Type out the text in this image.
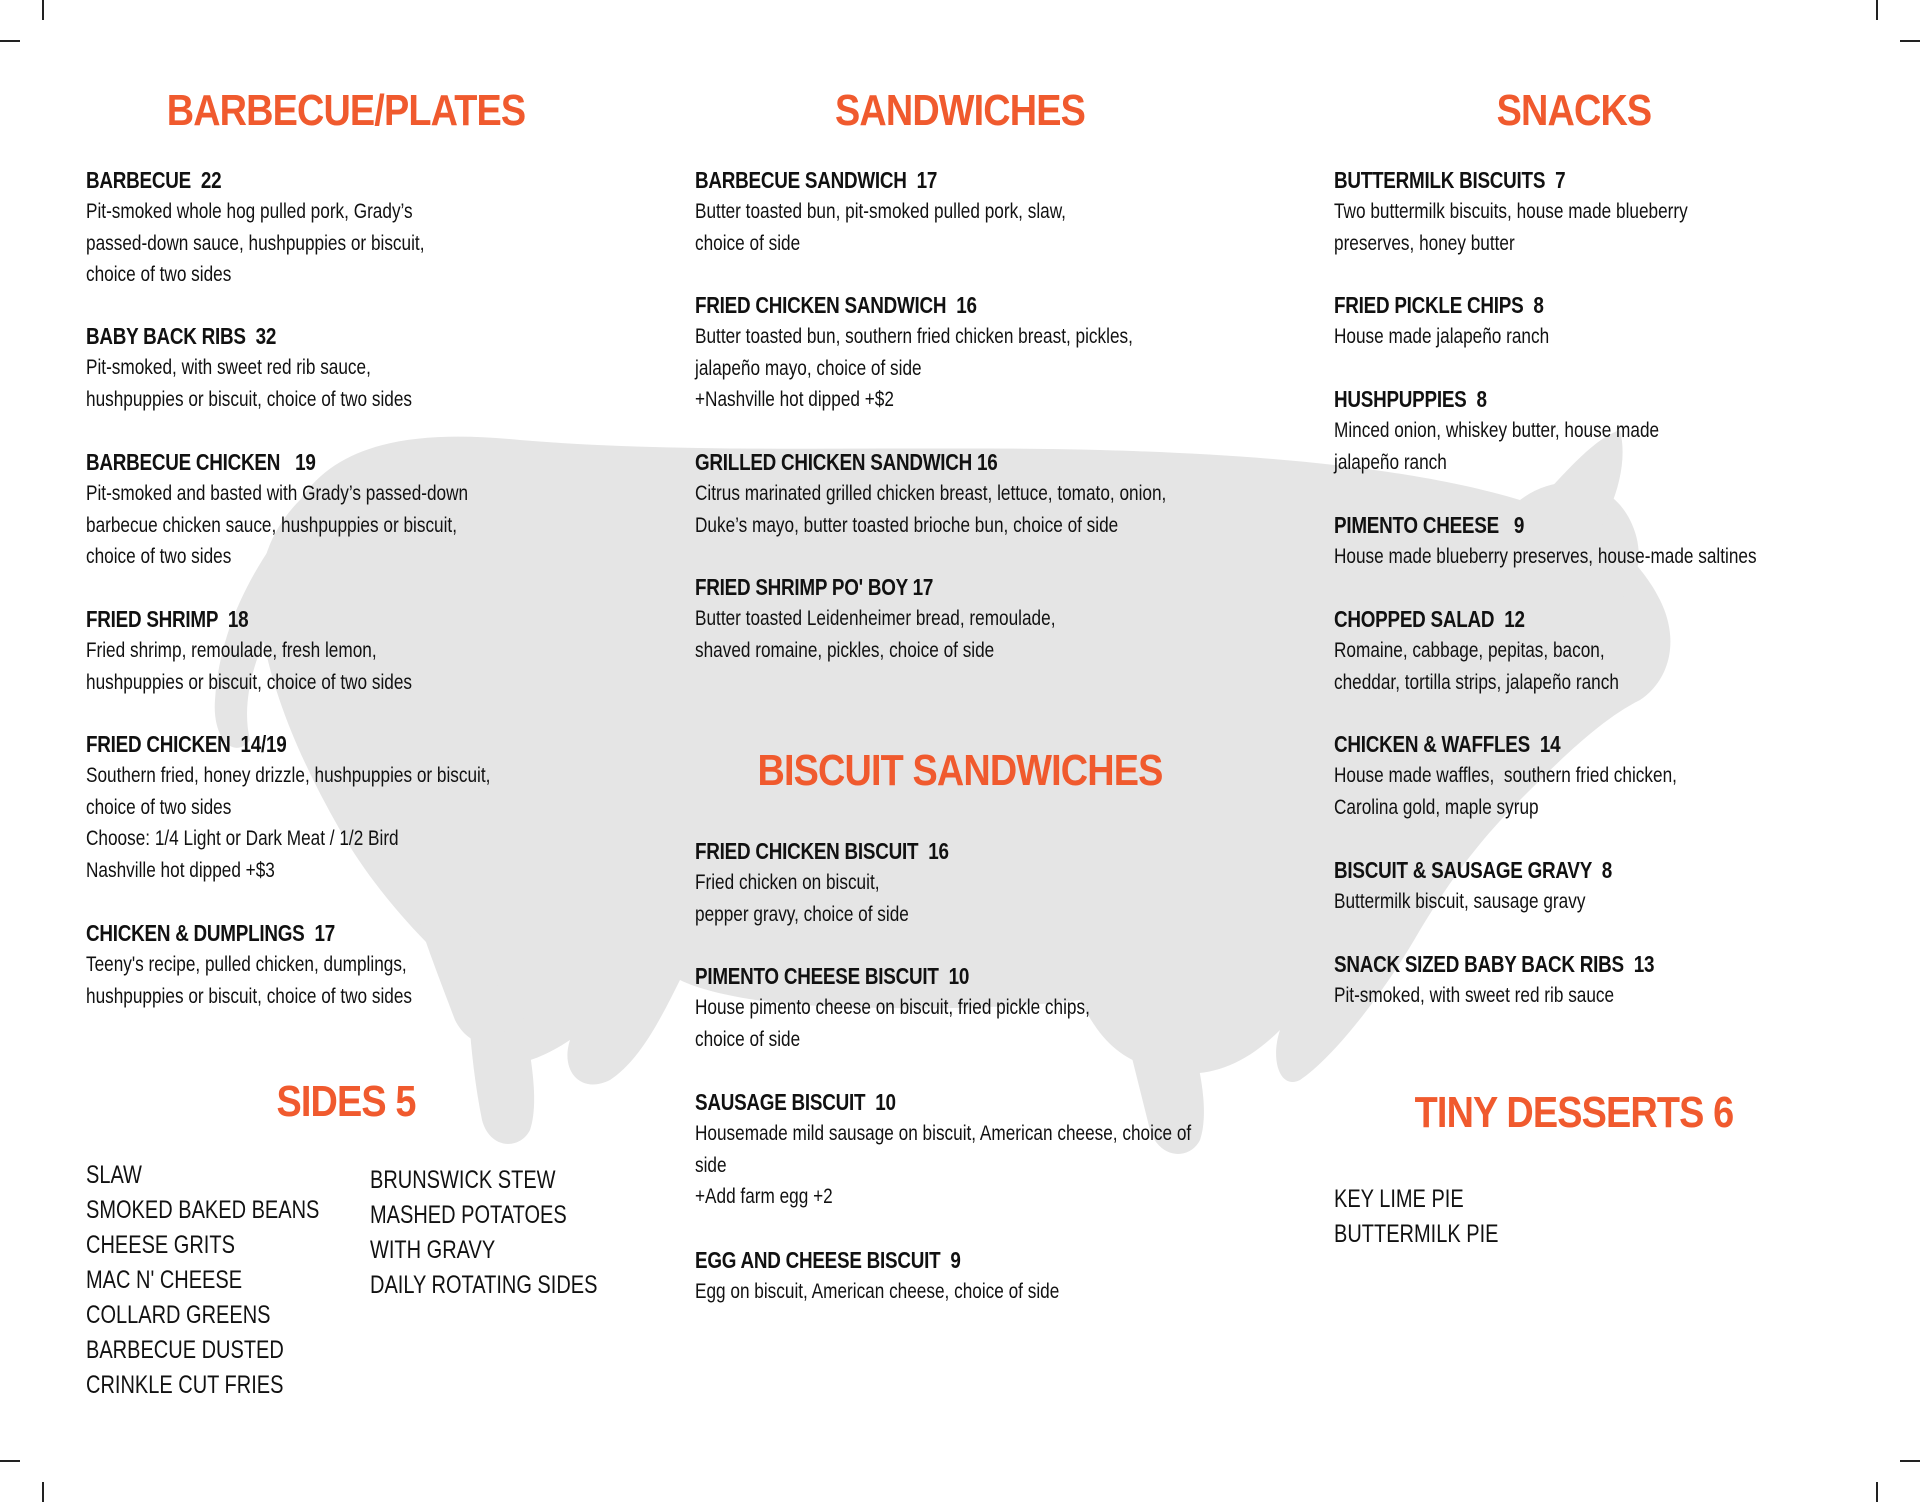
BARBECUE/PLATES
BARBECUE  22
Pit-smoked whole hog pulled pork, Grady’s
passed-down sauce, hushpuppies or biscuit,
choice of two sides
BABY BACK RIBS  32
Pit-smoked, with sweet red rib sauce,
hushpuppies or biscuit, choice of two sides
BARBECUE CHICKEN   19
Pit-smoked and basted with Grady’s passed-down
barbecue chicken sauce, hushpuppies or biscuit,
choice of two sides
FRIED SHRIMP  18
Fried shrimp, remoulade, fresh lemon,
hushpuppies or biscuit, choice of two sides
FRIED CHICKEN  14/19
Southern fried, honey drizzle, hushpuppies or biscuit,
choice of two sides
Choose: 1/4 Light or Dark Meat / 1/2 Bird
Nashville hot dipped +$3
CHICKEN & DUMPLINGS  17
Teeny's recipe, pulled chicken, dumplings,
hushpuppies or biscuit, choice of two sides
SIDES 5
SLAW
SMOKED BAKED BEANS
CHEESE GRITS
MAC N' CHEESE
COLLARD GREENS
BARBECUE DUSTED
CRINKLE CUT FRIES
BRUNSWICK STEW
MASHED POTATOES
WITH GRAVY
DAILY ROTATING SIDES
SANDWICHES
BARBECUE SANDWICH  17
Butter toasted bun, pit-smoked pulled pork, slaw,
choice of side
FRIED CHICKEN SANDWICH  16
Butter toasted bun, southern fried chicken breast, pickles,
jalapeño mayo, choice of side
+Nashville hot dipped +$2
GRILLED CHICKEN SANDWICH 16
Citrus marinated grilled chicken breast, lettuce, tomato, onion,
Duke’s mayo, butter toasted brioche bun, choice of side
FRIED SHRIMP PO' BOY 17
Butter toasted Leidenheimer bread, remoulade,
shaved romaine, pickles, choice of side
BISCUIT SANDWICHES
FRIED CHICKEN BISCUIT  16
Fried chicken on biscuit,
pepper gravy, choice of side
PIMENTO CHEESE BISCUIT  10
House pimento cheese on biscuit, fried pickle chips,
choice of side
SAUSAGE BISCUIT  10
Housemade mild sausage on biscuit, American cheese, choice of
side
+Add farm egg +2
EGG AND CHEESE BISCUIT  9
Egg on biscuit, American cheese, choice of side
SNACKS
BUTTERMILK BISCUITS  7
Two buttermilk biscuits, house made blueberry
preserves, honey butter
FRIED PICKLE CHIPS  8
House made jalapeño ranch
HUSHPUPPIES  8
Minced onion, whiskey butter, house made
jalapeño ranch
PIMENTO CHEESE   9
House made blueberry preserves, house-made saltines
CHOPPED SALAD  12
Romaine, cabbage, pepitas, bacon,
cheddar, tortilla strips, jalapeño ranch
CHICKEN & WAFFLES  14
House made waffles,  southern fried chicken,
Carolina gold, maple syrup
BISCUIT & SAUSAGE GRAVY  8
Buttermilk biscuit, sausage gravy
SNACK SIZED BABY BACK RIBS  13
Pit-smoked, with sweet red rib sauce
TINY DESSERTS 6
KEY LIME PIE
BUTTERMILK PIE
